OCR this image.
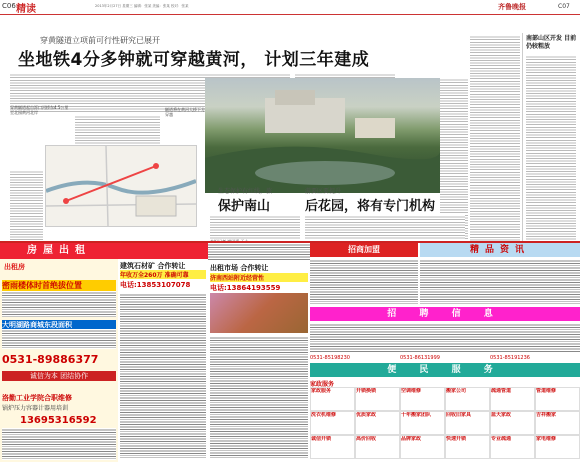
C06 精读	2013年2月27日 星期三 编辑：张某 美编：张某 校对：张某	齐鲁晚报	C07
穿黄隧道立项前可行性研究已展开
坐地铁4分多钟就可穿越黄河， 计划三年建成
穿黄隧道起自泺口河桥东4.5公里至北园黄河北岸
隧道将在黄河大桥下方穿越
生态保护有红线，旅
保护南山
游要区要提升
后花园，将有专门机构
南部山区开发 目前仍较粗放
房屋出租
出租房
密雨楼体时首绝拔位置
大明湖路商城东段面积
0531-89886377
诚信为本 团结协作
洛勤工业学院合职维修
锅炉压力容器计器用培训
13695316592
建筑石材矿 合作转让
年收万全260万 准确可靠
电话:13853107078
出租市场 合作转让
济南西站附近经营性
电话:13864193559
招商加盟	精品资讯
招 聘 信 息
0531-85198230	0531-86131999	0531-85191236
便 民 服 务
家政服务
家政服务	开锁换锁	空调维修	搬家公司	疏通管道	管道维修
洗衣机维修	优质家政	十年搬家团队	回收旧家具	蓝天家政	吉祥搬家
诚信开锁	高价回收	品牌家政	快速开锁	专业疏通	家电维修
